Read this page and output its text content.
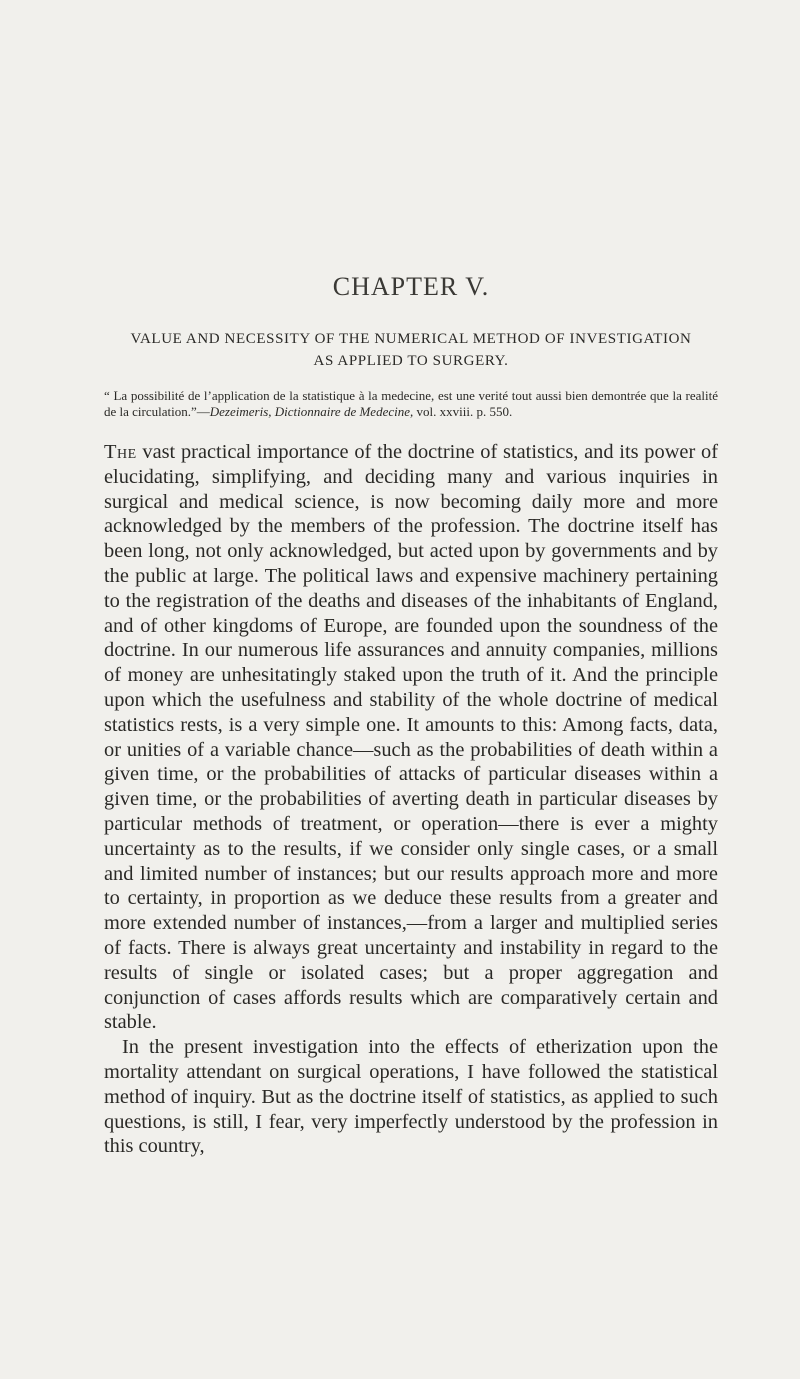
CHAPTER V.
VALUE AND NECESSITY OF THE NUMERICAL METHOD OF INVESTIGATION
AS APPLIED TO SURGERY.

“ La possibilité de l’application de la statistique à la medecine, est une verité tout aussi bien demontrée que la realité de la circulation.”—Dezeimeris, Dictionnaire de Medecine, vol. xxviii. p. 550.

The vast practical importance of the doctrine of statistics, and its power of elucidating, simplifying, and deciding many and various inquiries in surgical and medical science, is now becoming daily more and more acknowledged by the members of the profession. The doctrine itself has been long, not only acknowledged, but acted upon by governments and by the public at large. The political laws and expensive machinery pertaining to the registration of the deaths and diseases of the inhabitants of England, and of other kingdoms of Europe, are founded upon the soundness of the doctrine. In our numerous life assurances and annuity companies, millions of money are unhesitatingly staked upon the truth of it. And the principle upon which the usefulness and stability of the whole doctrine of medical statistics rests, is a very simple one. It amounts to this: Among facts, data, or unities of a variable chance—such as the probabilities of death within a given time, or the probabilities of attacks of particular diseases within a given time, or the probabilities of averting death in particular diseases by particular methods of treatment, or operation—there is ever a mighty uncertainty as to the results, if we consider only single cases, or a small and limited number of instances; but our results approach more and more to certainty, in proportion as we deduce these results from a greater and more extended number of instances,—from a larger and multiplied series of facts. There is always great uncertainty and instability in regard to the results of single or isolated cases; but a proper aggregation and conjunction of cases affords results which are comparatively certain and stable.

In the present investigation into the effects of etherization upon the mortality attendant on surgical operations, I have followed the statistical method of inquiry. But as the doctrine itself of statistics, as applied to such questions, is still, I fear, very imperfectly understood by the profession in this country,
